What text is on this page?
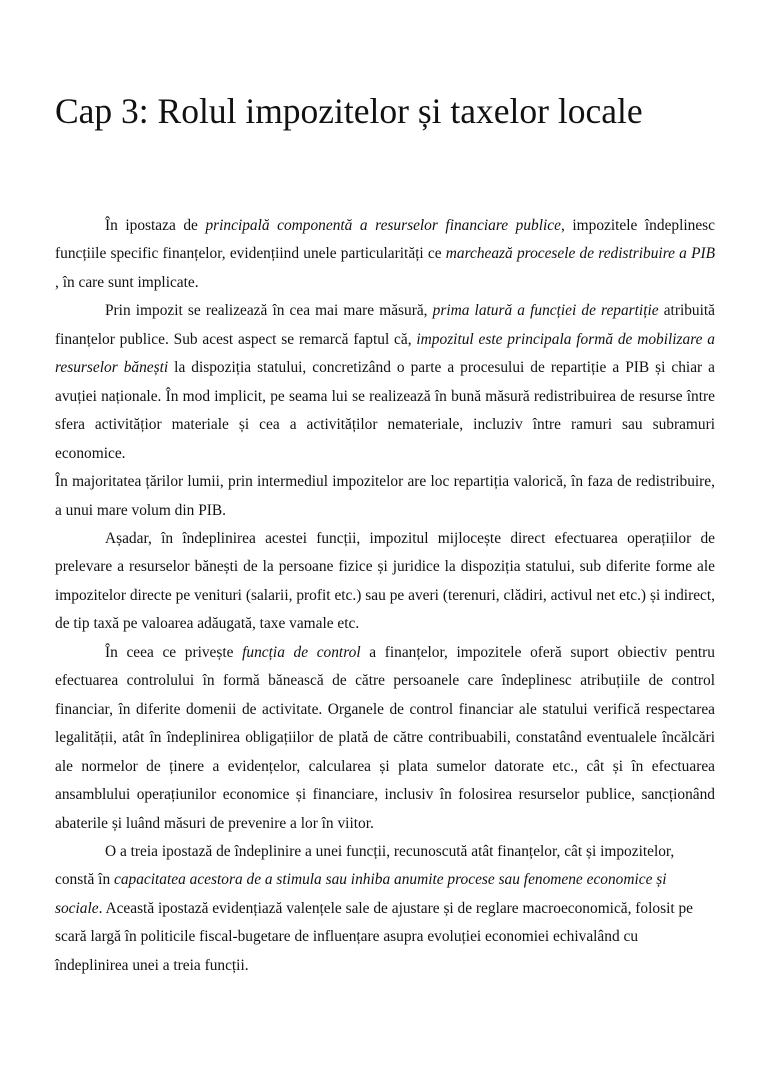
Cap 3: Rolul impozitelor și taxelor locale

În ipostaza de principală componentă a resurselor financiare publice, impozitele îndeplinesc funcțiile specific finanțelor, evidențiind unele particularități ce marchează procesele de redistribuire a PIB , în care sunt implicate.

Prin impozit se realizează în cea mai mare măsură, prima latură a funcției de repartiție atribuită finanțelor publice. Sub acest aspect se remarcă faptul că, impozitul este principala formă de mobilizare a resurselor bănești la dispoziția statului, concretizând o parte a procesului de repartiție a PIB și chiar a avuției naționale. În mod implicit, pe seama lui se realizează în bună măsură redistribuirea de resurse între sfera activitățior materiale și cea a activităților nemateriale, incluziv între ramuri sau subramuri economice.

În majoritatea țărilor lumii, prin intermediul impozitelor are loc repartiția valorică, în faza de redistribuire, a unui mare volum din PIB.

Așadar, în îndeplinirea acestei funcții, impozitul mijlocește direct efectuarea operațiilor de prelevare a resurselor bănești de la persoane fizice și juridice la dispoziția statului, sub diferite forme ale impozitelor directe pe venituri (salarii, profit etc.) sau pe averi (terenuri, clădiri, activul net etc.) și indirect, de tip taxă pe valoarea adăugată, taxe vamale etc.

În ceea ce privește funcția de control a finanțelor, impozitele oferă suport obiectiv pentru efectuarea controlului în formă bănească de către persoanele care îndeplinesc atribuțiile de control financiar, în diferite domenii de activitate. Organele de control financiar ale statului verifică respectarea legalității, atât în îndeplinirea obligațiilor de plată de către contribuabili, constatând eventualele încălcări ale normelor de ținere a evidențelor, calcularea și plata sumelor datorate etc., cât și în efectuarea ansamblului operațiunilor economice și financiare, inclusiv în folosirea resurselor publice, sancționând abaterile și luând măsuri de prevenire a lor în viitor.

O a treia ipostază de îndeplinire a unei funcții, recunoscută atât finanțelor, cât și impozitelor, constă în capacitatea acestora de a stimula sau inhiba anumite procese sau fenomene economice și sociale. Această ipostază evidențiază valențele sale de ajustare și de reglare macroeconomică, folosit pe scară largă în politicile fiscal-bugetare de influențare asupra evoluției economiei echivalând cu îndeplinirea unei a treia funcții.
